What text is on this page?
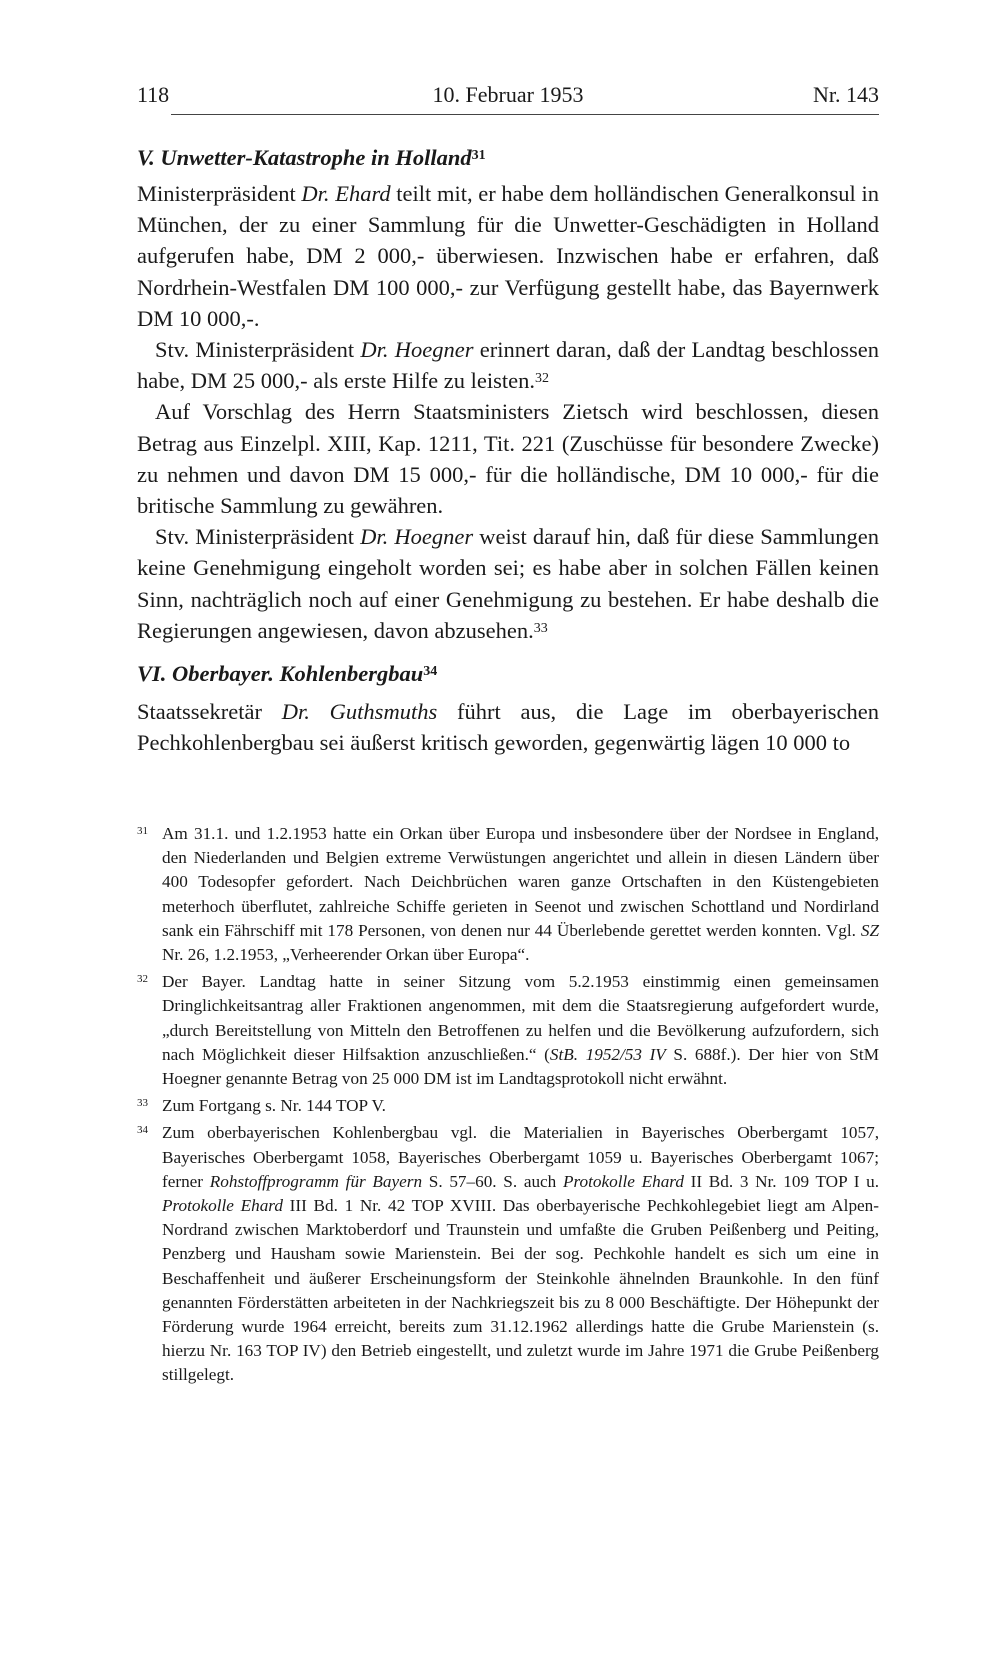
118	10. Februar 1953	Nr. 143
V. Unwetter-Katastrophe in Holland$^{31}$

Ministerpräsident Dr. Ehard teilt mit, er habe dem holländischen Generalkonsul in München, der zu einer Sammlung für die Unwetter-Geschädigten in Holland aufgerufen habe, DM 2 000,- überwiesen. Inzwischen habe er erfahren, daß Nordrhein-Westfalen DM 100 000,- zur Verfügung gestellt habe, das Bayernwerk DM 10 000,-.

Stv. Ministerpräsident Dr. Hoegner erinnert daran, daß der Landtag beschlossen habe, DM 25 000,- als erste Hilfe zu leisten.$^{32}$

Auf Vorschlag des Herrn Staatsministers Zietsch wird beschlossen, diesen Betrag aus Einzelpl. XIII, Kap. 1211, Tit. 221 (Zuschüsse für besondere Zwecke) zu nehmen und davon DM 15 000,- für die holländische, DM 10 000,- für die britische Sammlung zu gewähren.

Stv. Ministerpräsident Dr. Hoegner weist darauf hin, daß für diese Sammlungen keine Genehmigung eingeholt worden sei; es habe aber in solchen Fällen keinen Sinn, nachträglich noch auf einer Genehmigung zu bestehen. Er habe deshalb die Regierungen angewiesen, davon abzusehen.$^{33}$

VI. Oberbayer. Kohlenbergbau$^{34}$

Staatssekretär Dr. Guthsmuths führt aus, die Lage im oberbayerischen Pechkohlenbergbau sei äußerst kritisch geworden, gegenwärtig lägen 10 000 to

31 Am 31.1. und 1.2.1953 hatte ein Orkan über Europa und insbesondere über der Nordsee in England, den Niederlanden und Belgien extreme Verwüstungen angerichtet und allein in diesen Ländern über 400 Todesopfer gefordert. Nach Deichbrüchen waren ganze Ortschaften in den Küstengebieten meterhoch überflutet, zahlreiche Schiffe gerieten in Seenot und zwischen Schottland und Nordirland sank ein Fährschiff mit 178 Personen, von denen nur 44 Überlebende gerettet werden konnten. Vgl. SZ Nr. 26, 1.2.1953, „Verheerender Orkan über Europa“.

32 Der Bayer. Landtag hatte in seiner Sitzung vom 5.2.1953 einstimmig einen gemeinsamen Dringlichkeitsantrag aller Fraktionen angenommen, mit dem die Staatsregierung aufgefordert wurde, „durch Bereitstellung von Mitteln den Betroffenen zu helfen und die Bevölkerung aufzufordern, sich nach Möglichkeit dieser Hilfsaktion anzuschließen.“ (StB. 1952/53 IV S. 688f.). Der hier von StM Hoegner genannte Betrag von 25 000 DM ist im Landtagsprotokoll nicht erwähnt.

33 Zum Fortgang s. Nr. 144 TOP V.

34 Zum oberbayerischen Kohlenbergbau vgl. die Materialien in Bayerisches Oberbergamt 1057, Bayerisches Oberbergamt 1058, Bayerisches Oberbergamt 1059 u. Bayerisches Oberbergamt 1067; ferner Rohstoffprogramm für Bayern S. 57–60. S. auch Protokolle Ehard II Bd. 3 Nr. 109 TOP I u. Protokolle Ehard III Bd. 1 Nr. 42 TOP XVIII. Das oberbayerische Pechkohlegebiet liegt am Alpen-Nordrand zwischen Marktoberdorf und Traunstein und umfaßte die Gruben Peißenberg und Peiting, Penzberg und Hausham sowie Marienstein. Bei der sog. Pechkohle handelt es sich um eine in Beschaffenheit und äußerer Erscheinungsform der Steinkohle ähnelnden Braunkohle. In den fünf genannten Förderstätten arbeiteten in der Nachkriegszeit bis zu 8 000 Beschäftigte. Der Höhepunkt der Förderung wurde 1964 erreicht, bereits zum 31.12.1962 allerdings hatte die Grube Marienstein (s. hierzu Nr. 163 TOP IV) den Betrieb eingestellt, und zuletzt wurde im Jahre 1971 die Grube Peißenberg stillgelegt.
